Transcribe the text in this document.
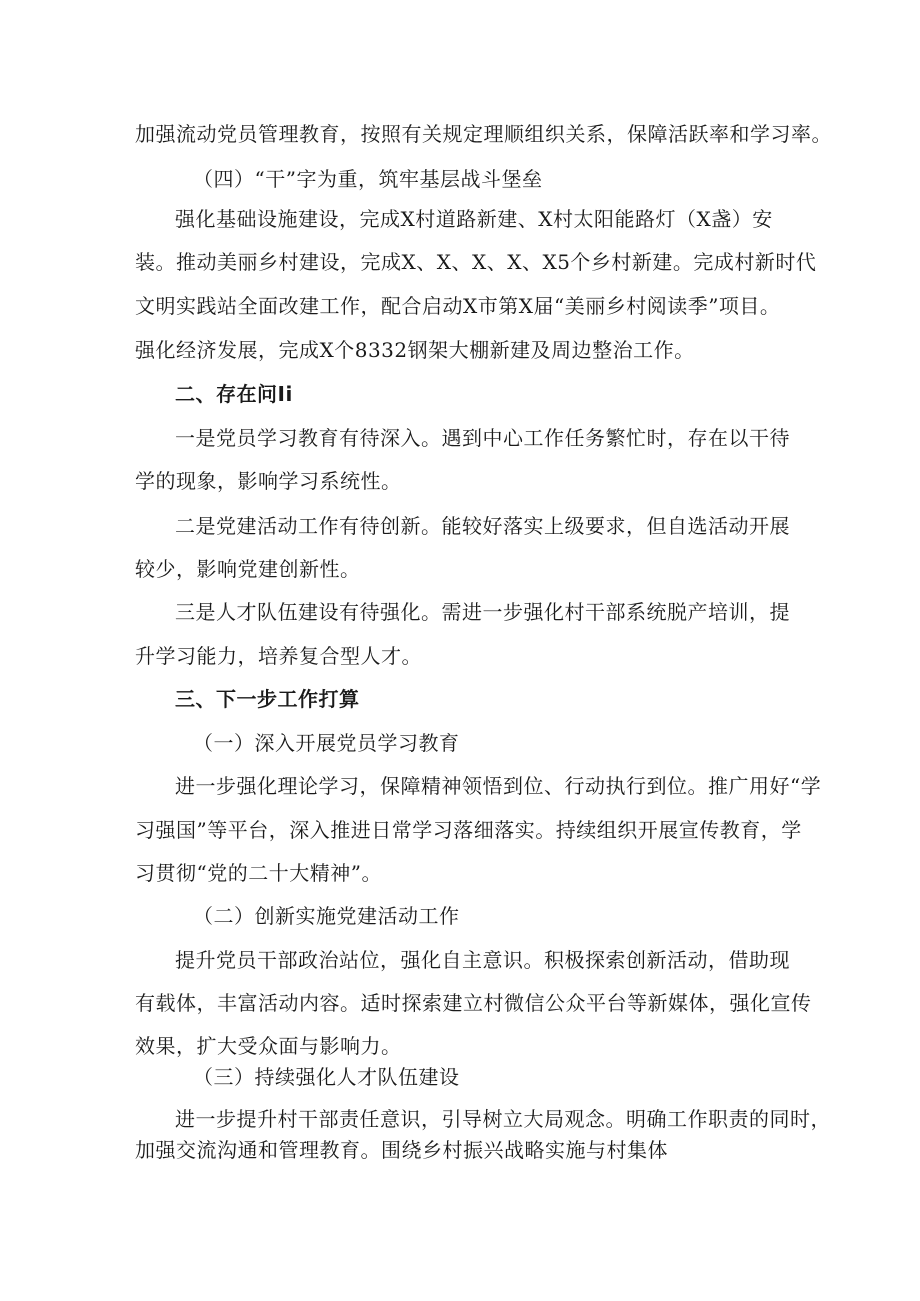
加强流动党员管理教育，按照有关规定理顺组织关系，保障活跃率和学习率。
（四）“干”字为重，筑牢基层战斗堡垒
强化基础设施建设，完成X村道路新建、X村太阳能路灯（X盏）安
装。推动美丽乡村建设，完成X、X、X、X、X5个乡村新建。完成村新时代
文明实践站全面改建工作，配合启动X市第X届“美丽乡村阅读季”项目。
强化经济发展，完成X个8332钢架大棚新建及周边整治工作。
二、存在问Ii
一是党员学习教育有待深入。遇到中心工作任务繁忙时，存在以干待
学的现象，影响学习系统性。
二是党建活动工作有待创新。能较好落实上级要求，但自选活动开展
较少，影响党建创新性。
三是人才队伍建设有待强化。需进一步强化村干部系统脱产培训，提
升学习能力，培养复合型人才。
三、下一步工作打算
（一）深入开展党员学习教育
进一步强化理论学习，保障精神领悟到位、行动执行到位。推广用好“学
习强国”等平台，深入推进日常学习落细落实。持续组织开展宣传教育，学
习贯彻“党的二十大精神”。
（二）创新实施党建活动工作
提升党员干部政治站位，强化自主意识。积极探索创新活动，借助现
有载体，丰富活动内容。适时探索建立村微信公众平台等新媒体，强化宣传
效果，扩大受众面与影响力。
（三）持续强化人才队伍建设
进一步提升村干部责任意识，引导树立大局观念。明确工作职责的同时，
加强交流沟通和管理教育。围绕乡村振兴战略实施与村集体
